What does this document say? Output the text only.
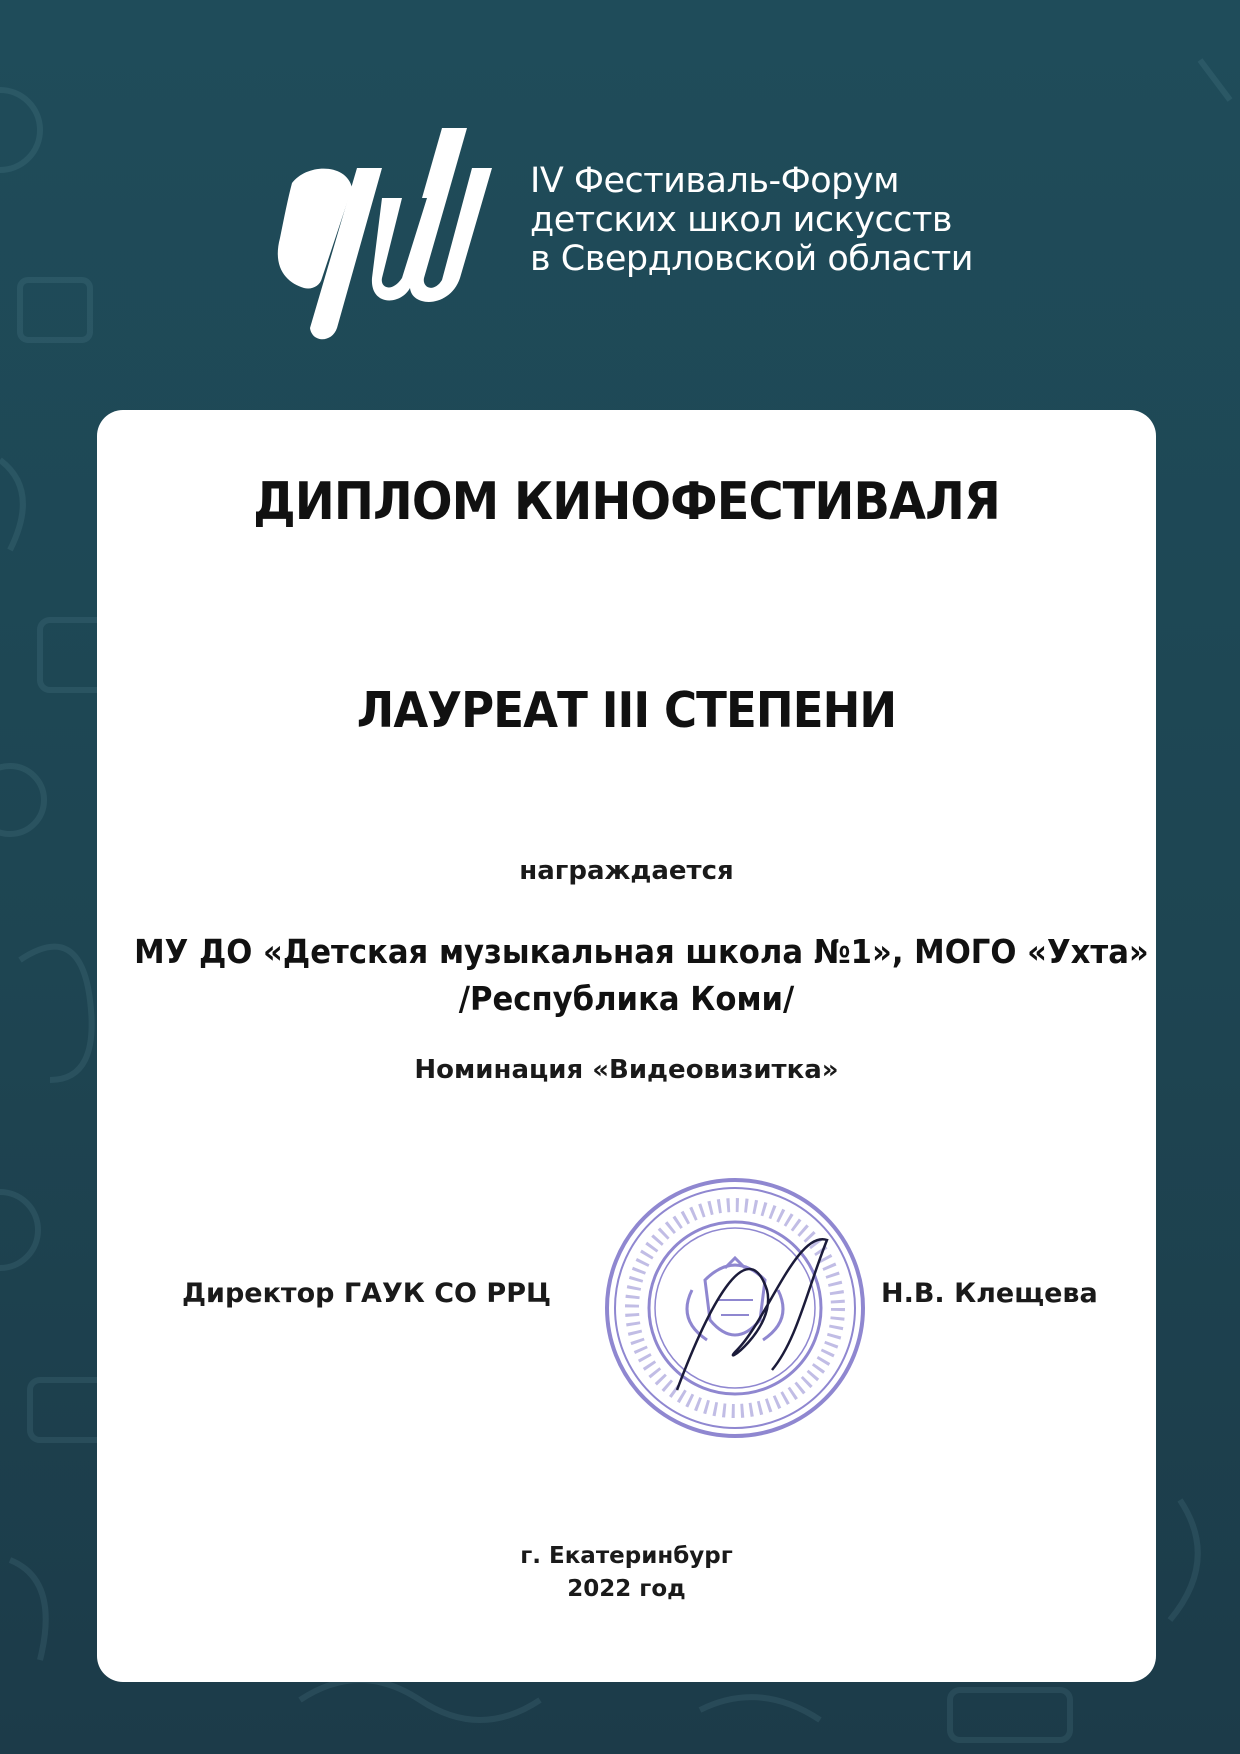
IV Фестиваль-Форум
детских школ искусств
в Свердловской области
ДИПЛОМ КИНОФЕСТИВАЛЯ
ЛАУРЕАТ III СТЕПЕНИ
награждается
МУ ДО «Детская музыкальная школа №1», МОГО «Ухта»
/Республика Коми/
Номинация «Видеовизитка»
Директор ГАУК СО РРЦ	Н.В. Клещева
г. Екатеринбург
2022 год
